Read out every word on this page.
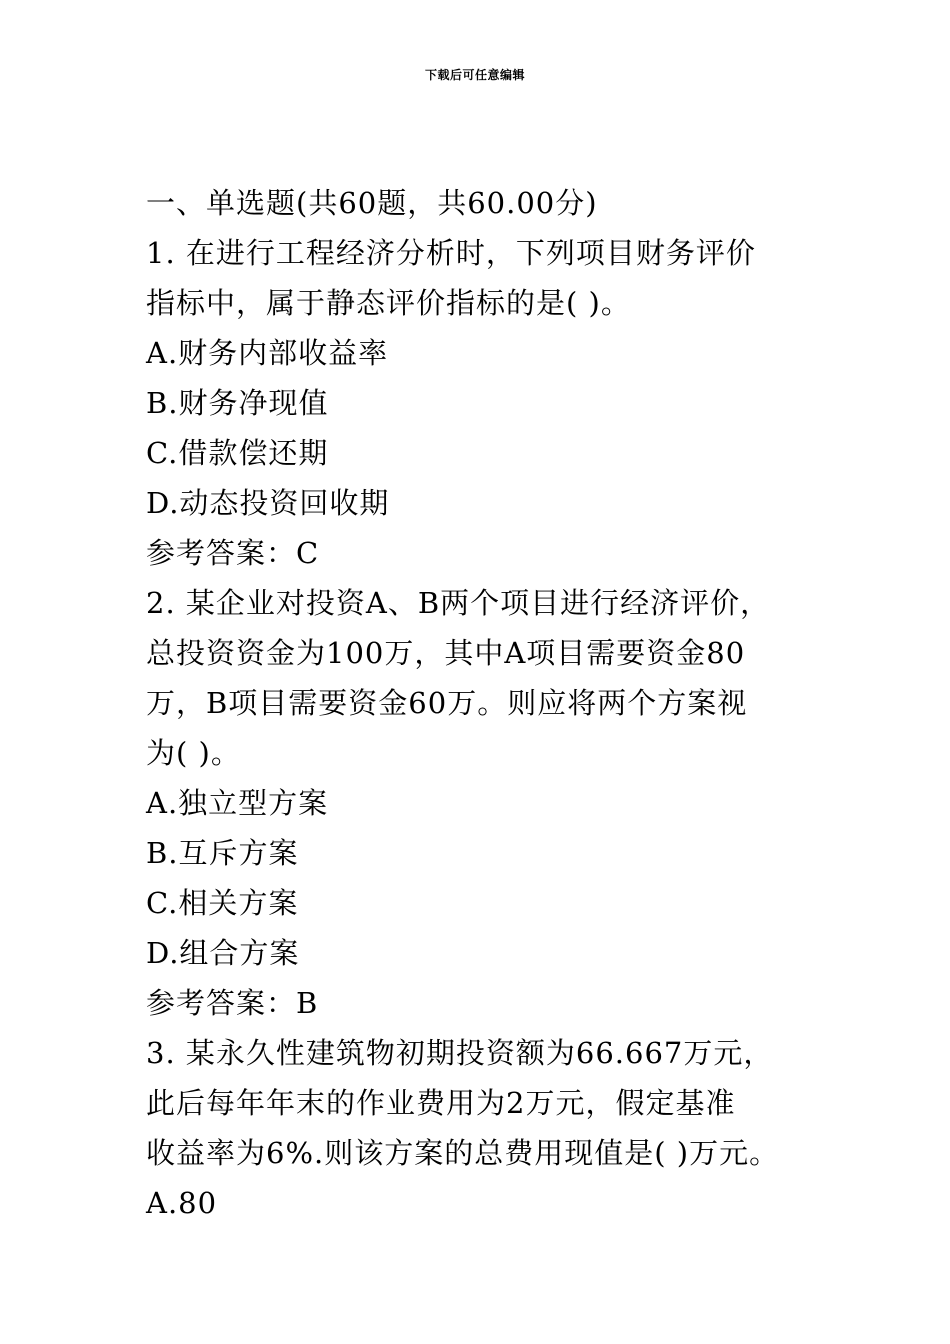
下载后可任意编辑
一、单选题(共60题，共60.00分)
1. 在进行工程经济分析时，下列项目财务评价
指标中，属于静态评价指标的是( )。
A.财务内部收益率
B.财务净现值
C.借款偿还期
D.动态投资回收期
参考答案：C
2. 某企业对投资A、B两个项目进行经济评价，
总投资资金为100万，其中A项目需要资金80
万，B项目需要资金60万。则应将两个方案视
为( )。
A.独立型方案
B.互斥方案
C.相关方案
D.组合方案
参考答案：B
3. 某永久性建筑物初期投资额为66.667万元，
此后每年年末的作业费用为2万元，假定基准
收益率为6%.则该方案的总费用现值是( )万元。
A.80
